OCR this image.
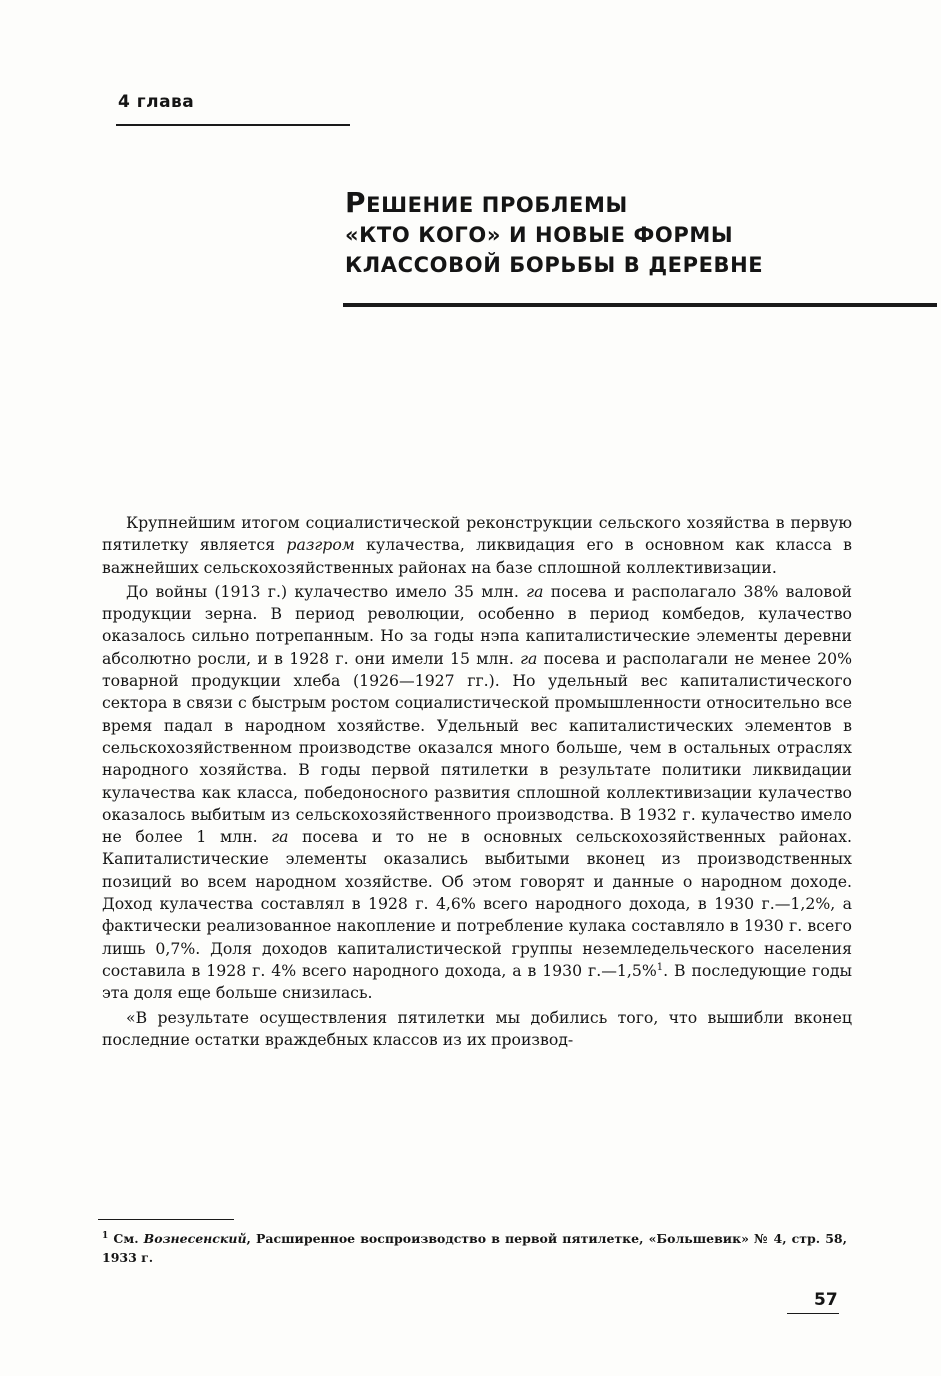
4 глава
РЕШЕНИЕ ПРОБЛЕМЫ
«КТО КОГО» И НОВЫЕ ФОРМЫ
КЛАССОВОЙ БОРЬБЫ В ДЕРЕВНЕ

Крупнейшим итогом социалистической реконструкции сельского хозяйства в первую пятилетку является разгром кулачества, ликвидация его в основном как класса в важнейших сельскохозяйственных районах на базе сплошной коллективизации.

До войны (1913 г.) кулачество имело 35 млн. га посева и располагало 38% валовой продукции зерна. В период революции, особенно в период комбедов, кулачество оказалось сильно потрепанным. Но за годы нэпа капиталистические элементы деревни абсолютно росли, и в 1928 г. они имели 15 млн. га посева и располагали не менее 20% товарной продукции хлеба (1926—1927 гг.). Но удельный вес капиталистического сектора в связи с быстрым ростом социалистической промышленности относительно все время падал в народном хозяйстве. Удельный вес капиталистических элементов в сельскохозяйственном производстве оказался много больше, чем в остальных отраслях народного хозяйства. В годы первой пятилетки в результате политики ликвидации кулачества как класса, победоносного развития сплошной коллективизации кулачество оказалось выбитым из сельскохозяйственного производства. В 1932 г. кулачество имело не более 1 млн. га посева и то не в основных сельскохозяйственных районах. Капиталистические элементы оказались выбитыми вконец из производственных позиций во всем народном хозяйстве. Об этом говорят и данные о народном доходе. Доход кулачества составлял в 1928 г. 4,6% всего народного дохода, в 1930 г.—1,2%, а фактически реализованное накопление и потребление кулака составляло в 1930 г. всего лишь 0,7%. Доля доходов капиталистической группы неземледельческого населения составила в 1928 г. 4% всего народного дохода, а в 1930 г.—1,5%$^1$. В последующие годы эта доля еще больше снизилась.

«В результате осуществления пятилетки мы добились того, что вышибли вконец последние остатки враждебных классов из их производ-

$^1$ См. Вознесенский, Расширенное воспроизводство в первой пятилетке, «Большевик» № 4, стр. 58, 1933 г.
57
